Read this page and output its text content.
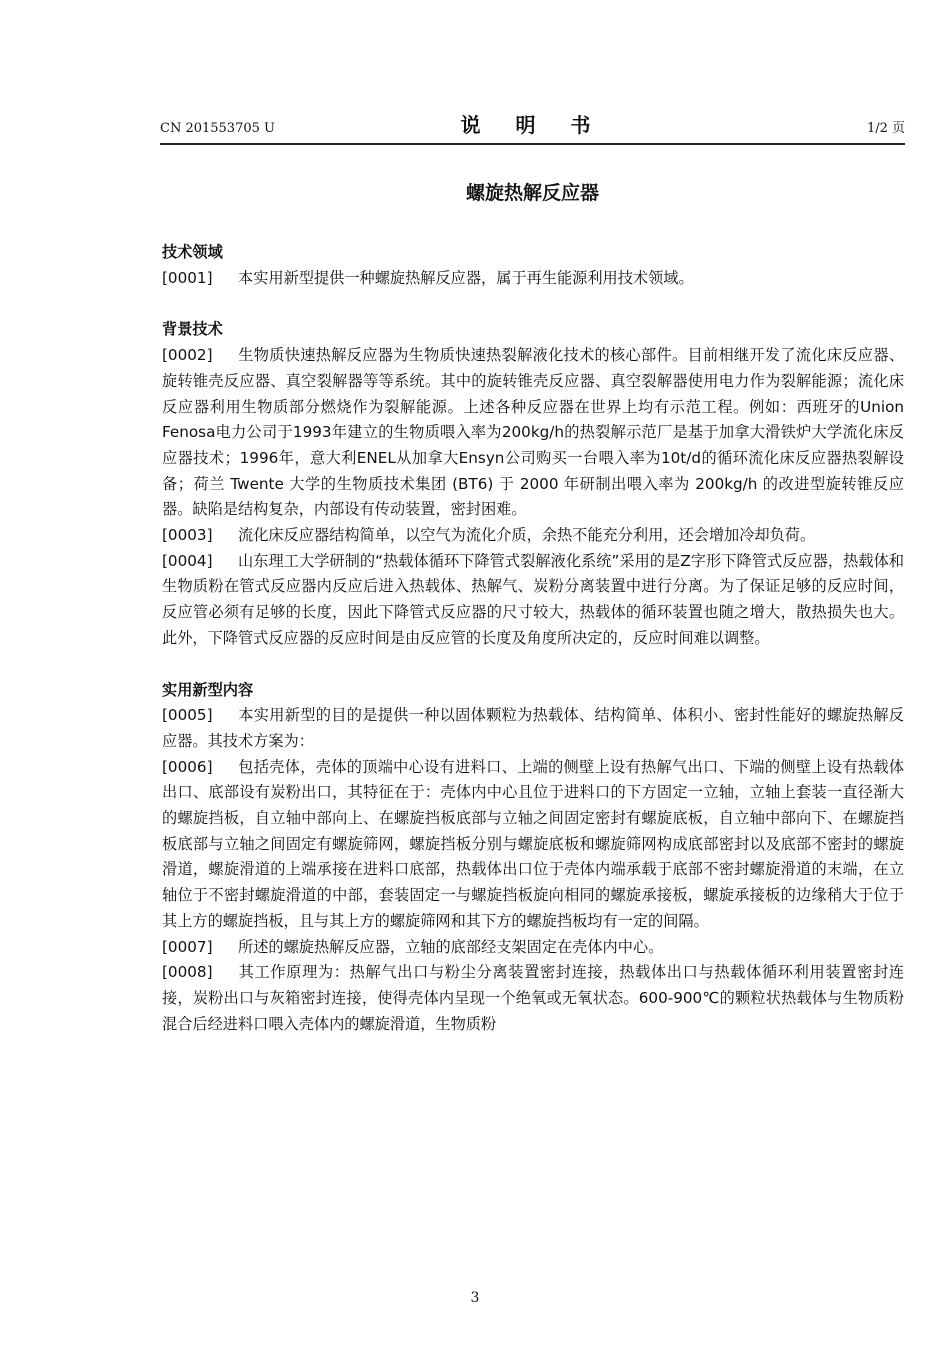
CN 201553705 U	说 明 书	1/2 页
螺旋热解反应器

技术领域

[0001] 本实用新型提供一种螺旋热解反应器，属于再生能源利用技术领域。

背景技术

[0002] 生物质快速热解反应器为生物质快速热裂解液化技术的核心部件。目前相继开发了流化床反应器、旋转锥壳反应器、真空裂解器等等系统。其中的旋转锥壳反应器、真空裂解器使用电力作为裂解能源；流化床反应器利用生物质部分燃烧作为裂解能源。上述各种反应器在世界上均有示范工程。例如：西班牙的Union Fenosa电力公司于1993年建立的生物质喂入率为200kg/h的热裂解示范厂是基于加拿大滑铁炉大学流化床反应器技术；1996年，意大利ENEL从加拿大Ensyn公司购买一台喂入率为10t/d的循环流化床反应器热裂解设备；荷兰 Twente 大学的生物质技术集团 (BT6) 于 2000 年研制出喂入率为 200kg/h 的改进型旋转锥反应器。缺陷是结构复杂，内部设有传动装置，密封困难。

[0003] 流化床反应器结构简单，以空气为流化介质，余热不能充分利用，还会增加冷却负荷。

[0004] 山东理工大学研制的“热载体循环下降管式裂解液化系统”采用的是Z字形下降管式反应器，热载体和生物质粉在管式反应器内反应后进入热载体、热解气、炭粉分离装置中进行分离。为了保证足够的反应时间，反应管必须有足够的长度，因此下降管式反应器的尺寸较大，热载体的循环装置也随之增大，散热损失也大。此外，下降管式反应器的反应时间是由反应管的长度及角度所决定的，反应时间难以调整。

实用新型内容

[0005] 本实用新型的目的是提供一种以固体颗粒为热载体、结构简单、体积小、密封性能好的螺旋热解反应器。其技术方案为：

[0006] 包括壳体，壳体的顶端中心设有进料口、上端的侧壁上设有热解气出口、下端的侧壁上设有热载体出口、底部设有炭粉出口，其特征在于：壳体内中心且位于进料口的下方固定一立轴，立轴上套装一直径渐大的螺旋挡板，自立轴中部向上、在螺旋挡板底部与立轴之间固定密封有螺旋底板，自立轴中部向下、在螺旋挡板底部与立轴之间固定有螺旋筛网，螺旋挡板分别与螺旋底板和螺旋筛网构成底部密封以及底部不密封的螺旋滑道，螺旋滑道的上端承接在进料口底部，热载体出口位于壳体内端承载于底部不密封螺旋滑道的末端，在立轴位于不密封螺旋滑道的中部，套装固定一与螺旋挡板旋向相同的螺旋承接板，螺旋承接板的边缘稍大于位于其上方的螺旋挡板，且与其上方的螺旋筛网和其下方的螺旋挡板均有一定的间隔。

[0007] 所述的螺旋热解反应器，立轴的底部经支架固定在壳体内中心。

[0008] 其工作原理为：热解气出口与粉尘分离装置密封连接，热载体出口与热载体循环利用装置密封连接，炭粉出口与灰箱密封连接，使得壳体内呈现一个绝氧或无氧状态。600-900℃的颗粒状热载体与生物质粉混合后经进料口喂入壳体内的螺旋滑道，生物质粉

3
